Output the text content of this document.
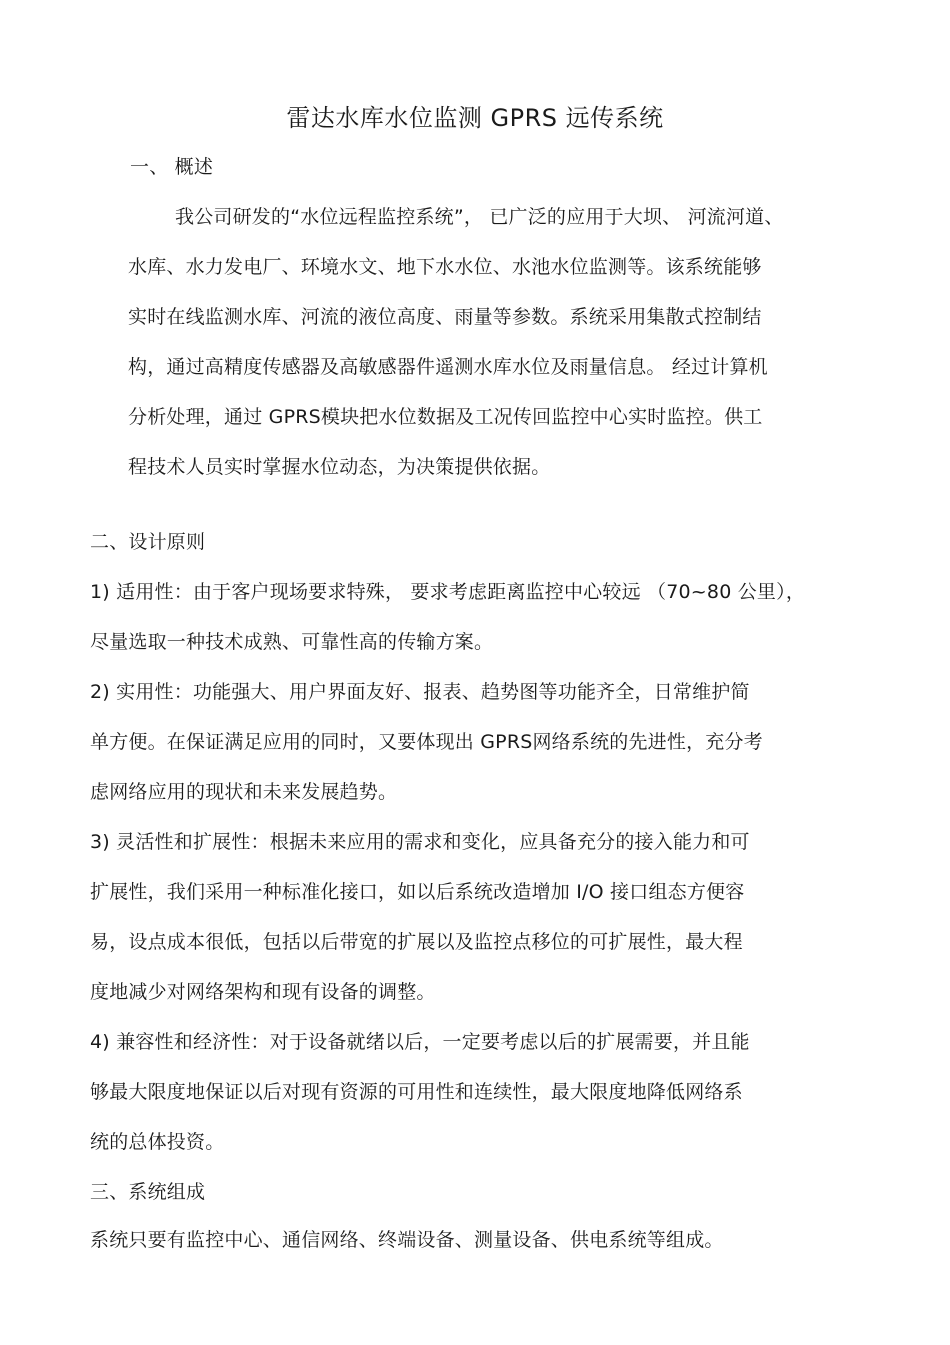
雷达水库水位监测 GPRS 远传系统
一、 概述
我公司研发的“水位远程监控系统”， 已广泛的应用于大坝、 河流河道、
水库、水力发电厂、环境水文、地下水水位、水池水位监测等。该系统能够
实时在线监测水库、河流的液位高度、雨量等参数。系统采用集散式控制结
构，通过高精度传感器及高敏感器件遥测水库水位及雨量信息。 经过计算机
分析处理，通过 GPRS模块把水位数据及工况传回监控中心实时监控。供工
程技术人员实时掌握水位动态，为决策提供依据。
二、设计原则
1) 适用性：由于客户现场要求特殊， 要求考虑距离监控中心较远 （70~80 公里），
尽量选取一种技术成熟、可靠性高的传输方案。
2) 实用性：功能强大、用户界面友好、报表、趋势图等功能齐全，日常维护简
单方便。在保证满足应用的同时，又要体现出 GPRS网络系统的先进性，充分考
虑网络应用的现状和未来发展趋势。
3) 灵活性和扩展性：根据未来应用的需求和变化，应具备充分的接入能力和可
扩展性，我们采用一种标准化接口，如以后系统改造增加 I/O 接口组态方便容
易，设点成本很低，包括以后带宽的扩展以及监控点移位的可扩展性，最大程
度地减少对网络架构和现有设备的调整。
4) 兼容性和经济性：对于设备就绪以后，一定要考虑以后的扩展需要，并且能
够最大限度地保证以后对现有资源的可用性和连续性，最大限度地降低网络系
统的总体投资。
三、系统组成
系统只要有监控中心、通信网络、终端设备、测量设备、供电系统等组成。
